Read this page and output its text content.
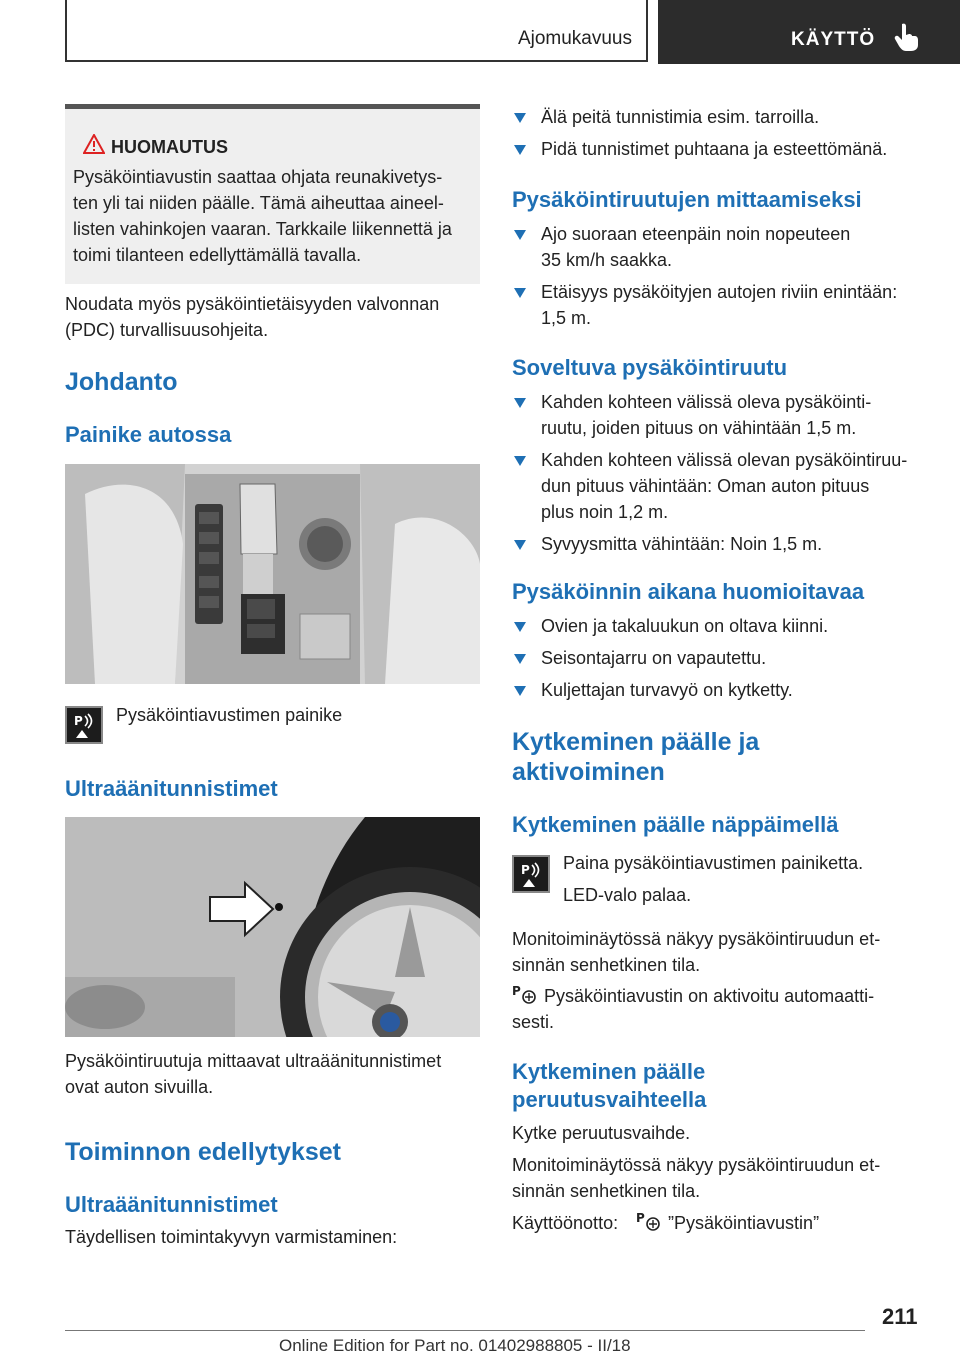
Ajomukavuus	KÄYTTÖ
HUOMAUTUS
Pysäköintiavustin saattaa ohjata reunakivetys-
ten yli tai niiden päälle. Tämä aiheuttaa aineel-
listen vahinkojen vaaran. Tarkkaile liikennettä ja
toimi tilanteen edellyttämällä tavalla.
Noudata myös pysäköintietäisyyden valvonnan
(PDC) turvallisuusohjeita.
Johdanto
Painike autossa
P Pysäköintiavustimen painike
Ultraäänitunnistimet
Pysäköintiruutuja mittaavat ultraäänitunnistimet
ovat auton sivuilla.
Toiminnon edellytykset
Ultraäänitunnistimet
Täydellisen toimintakyvyn varmistaminen:
Älä peitä tunnistimia esim. tarroilla.
Pidä tunnistimet puhtaana ja esteettömänä.
Pysäköintiruutujen mittaamiseksi
Ajo suoraan eteenpäin noin nopeuteen
35 km/h saakka.
Etäisyys pysäköityjen autojen riviin enintään:
1,5 m.
Soveltuva pysäköintiruutu
Kahden kohteen välissä oleva pysäköinti-
ruutu, joiden pituus on vähintään 1,5 m.
Kahden kohteen välissä olevan pysäköintiruu-
dun pituus vähintään: Oman auton pituus
plus noin 1,2 m.
Syvyysmitta vähintään: Noin 1,5 m.
Pysäköinnin aikana huomioitavaa
Ovien ja takaluukun on oltava kiinni.
Seisontajarru on vapautettu.
Kuljettajan turvavyö on kytketty.
Kytkeminen päälle ja
aktivoiminen
Kytkeminen päälle näppäimellä
P Paina pysäköintiavustimen painiketta.
LED-valo palaa.
Monitoiminäytössä näkyy pysäköintiruudun et-
sinnän senhetkinen tila.
P Pysäköintiavustin on aktivoitu automaatti-
sesti.
Kytkeminen päälle
peruutusvaihteella
Kytke peruutusvaihde.
Monitoiminäytössä näkyy pysäköintiruudun et-
sinnän senhetkinen tila.
Käyttöönotto: P ”Pysäköintiavustin”
211
Online Edition for Part no. 01402988805 - II/18
